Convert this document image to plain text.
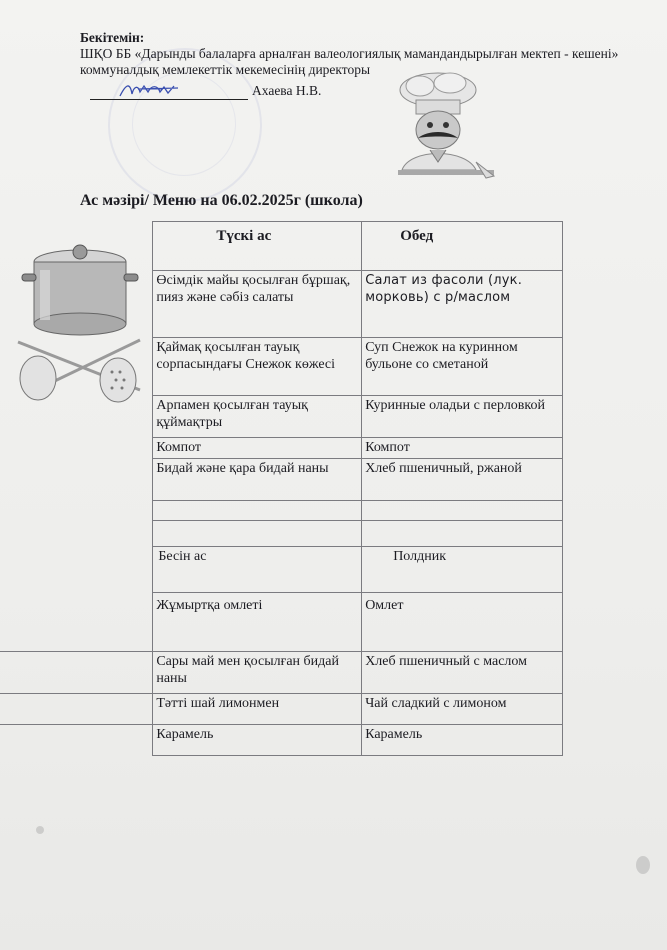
Бекітемін:
ШҚО ББ «Дарынды балаларға арналған валеологиялық мамандандырылған мектеп - кешені» коммуналдық мемлекеттік мекемесінің директоры
Ахаева Н.В.
Ас мәзірі/ Меню на 06.02.2025г (школа)

	Түскі ас	Обед

	Өсімдік майы қосылған бұршақ, пияз және сәбіз салаты	Салат из фасоли (лук. морковь) с р/маслом
	Қаймақ қосылған тауық сорпасындағы Снежок көжесі	Суп Снежок на куринном бульоне со сметаной
	Арпамен қосылған тауық құймақтры	Куринные оладьи с перловкой
	Компот	Компот
	Бидай және қара бидай наны	Хлеб пшеничный, ржаной

	Бесін ас	Полдник
	Жұмыртқа омлеті	Омлет
	Сары май мен қосылған бидай наны	Хлеб пшеничный с маслом
	Тәтті шай лимонмен	Чай сладкий с лимоном
	Карамель	Карамель
